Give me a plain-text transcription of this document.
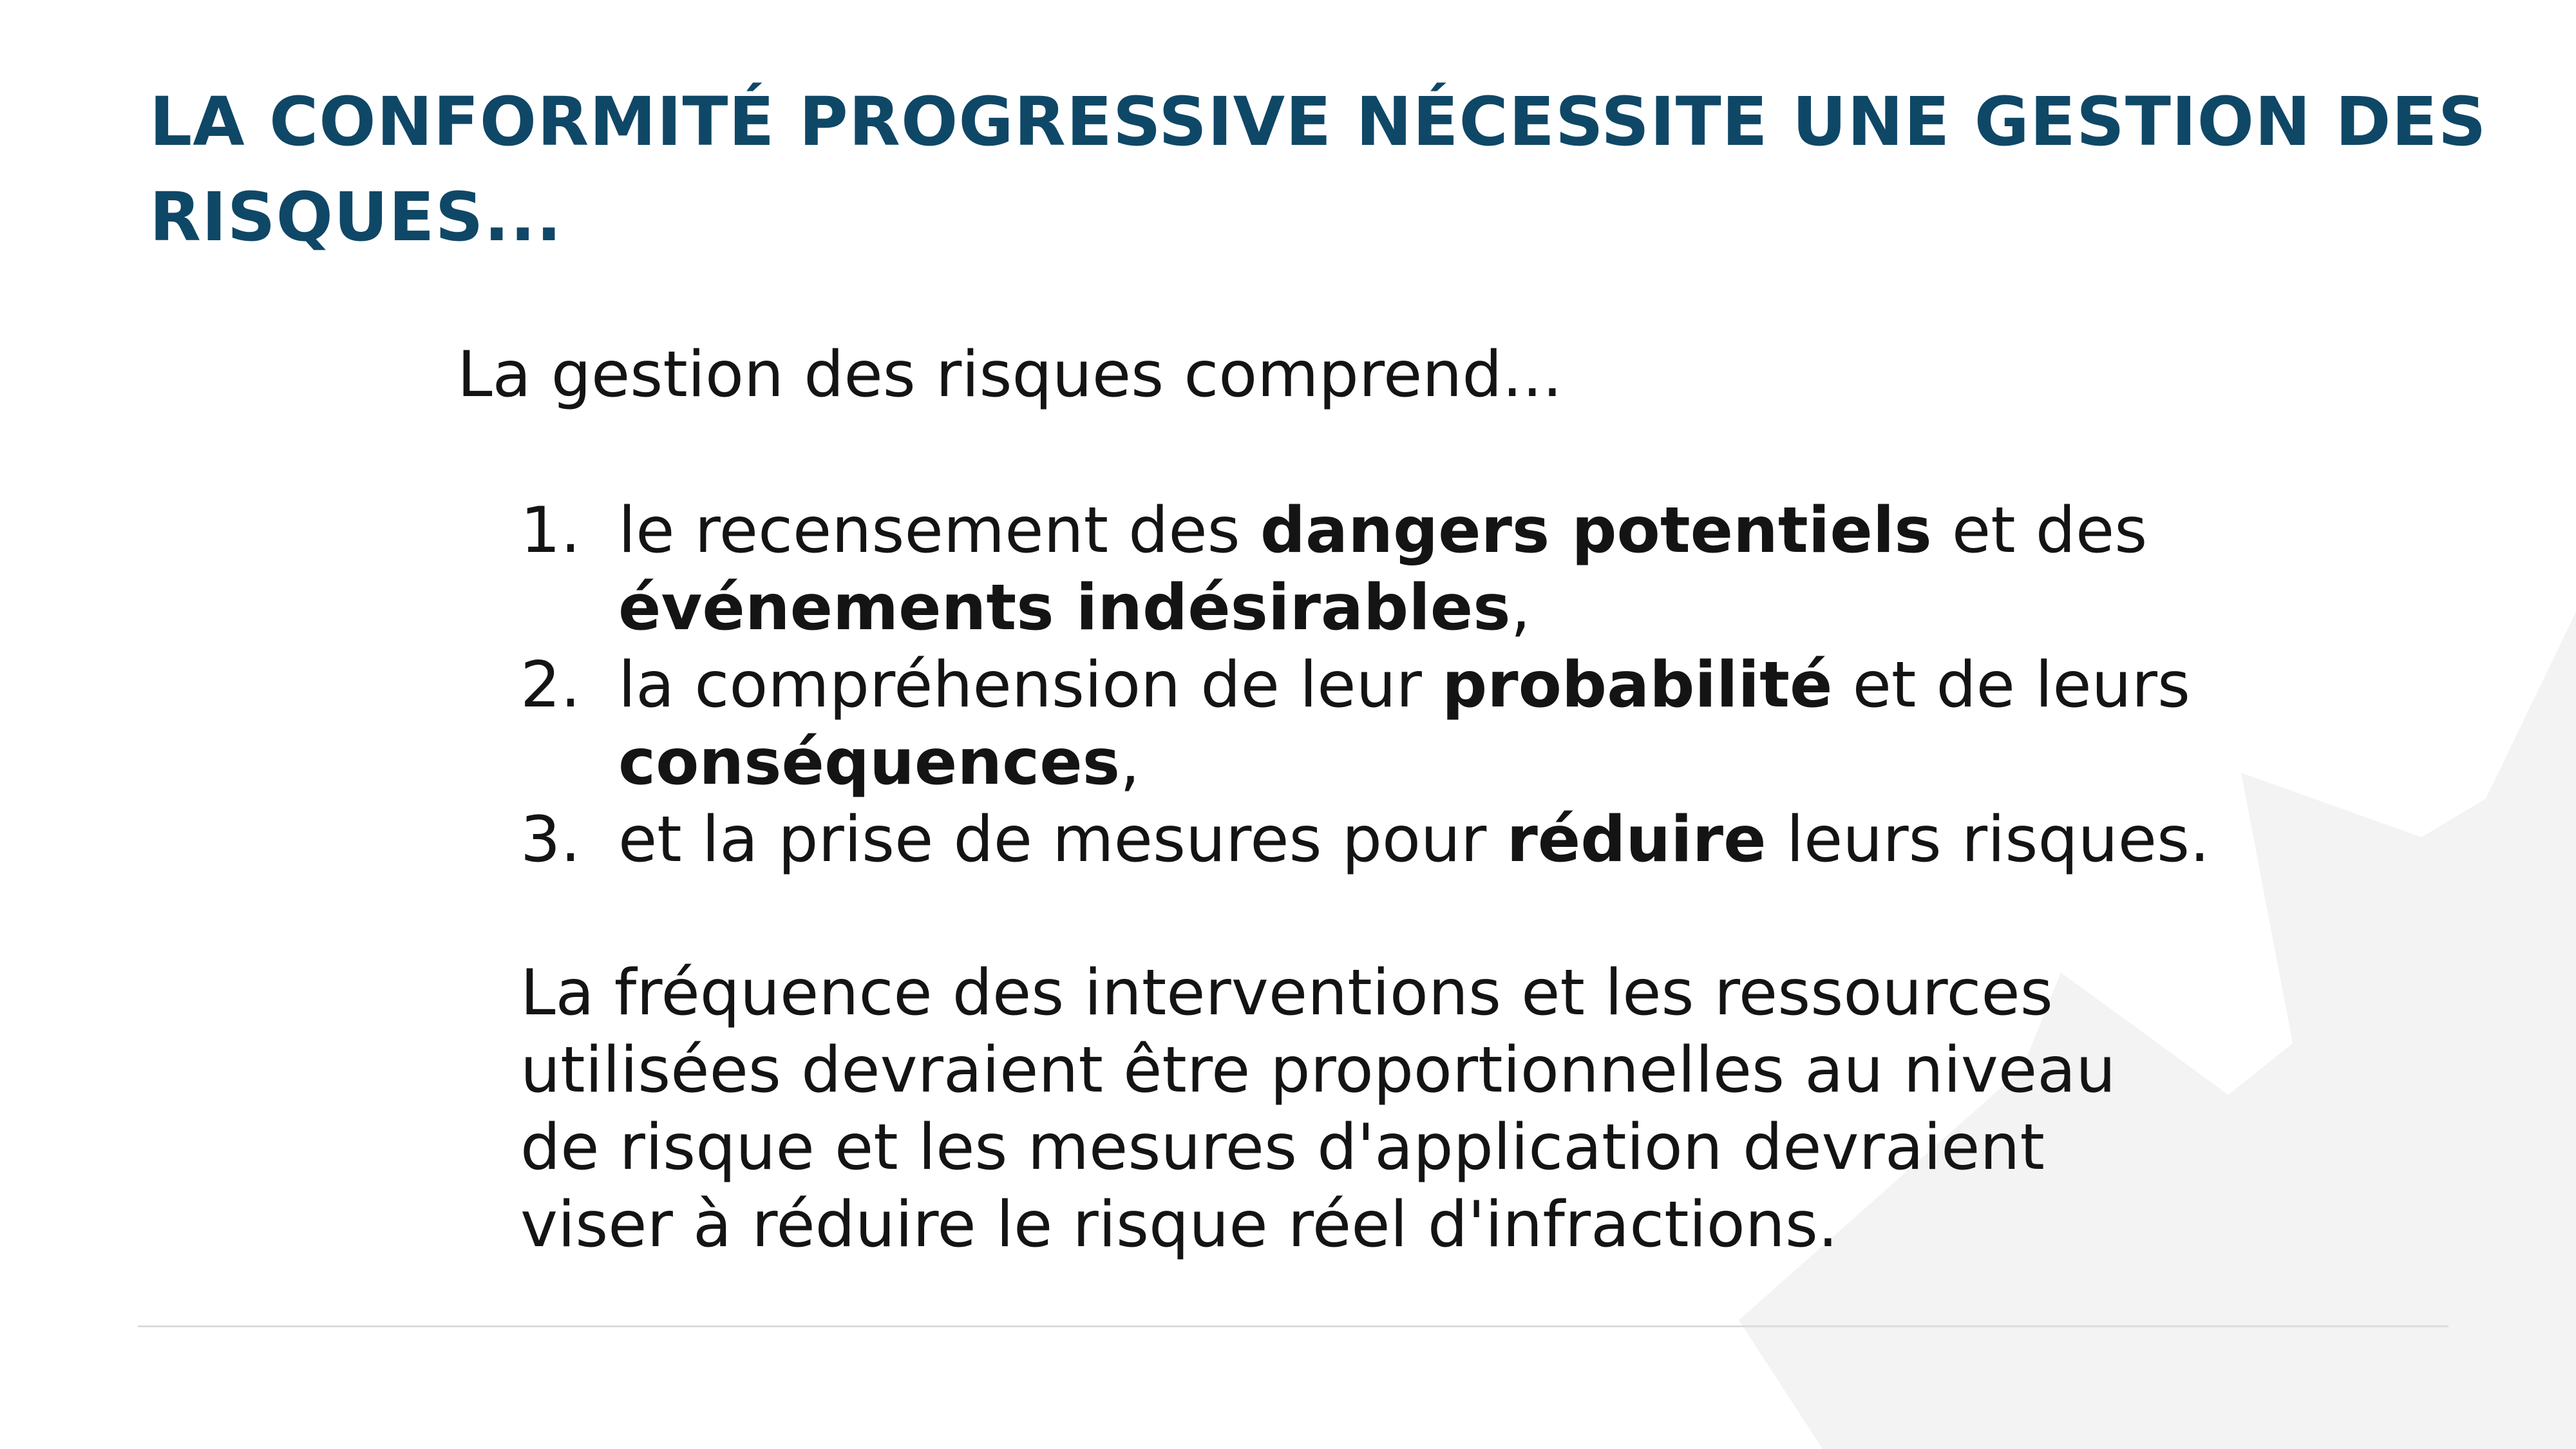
LA CONFORMITÉ PROGRESSIVE NÉCESSITE UNE GESTION DES
RISQUES...

La gestion des risques comprend...

1. le recensement des dangers potentiels et des
événements indésirables,
2. la compréhension de leur probabilité et de leurs
conséquences,
3. et la prise de mesures pour réduire leurs risques.

La fréquence des interventions et les ressources
utilisées devraient être proportionnelles au niveau
de risque et les mesures d'application devraient
viser à réduire le risque réel d'infractions.
